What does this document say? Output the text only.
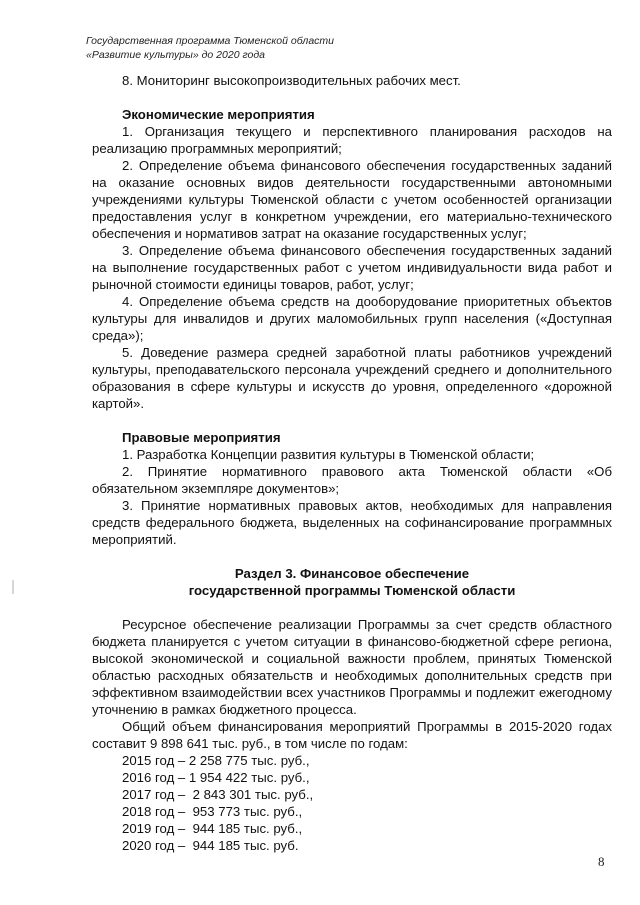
Государственная программа Тюменской области
«Развитие культуры» до 2020 года

8. Мониторинг высокопроизводительных рабочих мест.

Экономические мероприятия

1. Организация текущего и перспективного планирования расходов на реализацию программных мероприятий;

2. Определение объема финансового обеспечения государственных заданий на оказание основных видов деятельности государственными автономными учреждениями культуры Тюменской области с учетом особенностей организации предоставления услуг в конкретном учреждении, его материально-технического обеспечения и нормативов затрат на оказание государственных услуг;

3. Определение объема финансового обеспечения государственных заданий на выполнение государственных работ с учетом индивидуальности вида работ и рыночной стоимости единицы товаров, работ, услуг;

4. Определение объема средств на дооборудование приоритетных объектов культуры для инвалидов и других маломобильных групп населения («Доступная среда»);

5. Доведение размера средней заработной платы работников учреждений культуры, преподавательского персонала учреждений среднего и дополнительного образования в сфере культуры и искусств до уровня, определенного «дорожной картой».

Правовые мероприятия

1. Разработка Концепции развития культуры в Тюменской области;

2. Принятие нормативного правового акта Тюменской области «Об обязательном экземпляре документов»;

3. Принятие нормативных правовых актов, необходимых для направления средств федерального бюджета, выделенных на софинансирование программных мероприятий.

Раздел 3. Финансовое обеспечение

государственной программы Тюменской области

Ресурсное обеспечение реализации Программы за счет средств областного бюджета планируется с учетом ситуации в финансово-бюджетной сфере региона, высокой экономической и социальной важности проблем, принятых Тюменской областью расходных обязательств и необходимых дополнительных средств при эффективном взаимодействии всех участников Программы и подлежит ежегодному уточнению в рамках бюджетного процесса.

Общий объем финансирования мероприятий Программы в 2015-2020 годах составит 9 898 641 тыс. руб., в том числе по годам:

2015 год – 2 258 775 тыс. руб.,
2016 год – 1 954 422 тыс. руб.,
2017 год –  2 843 301 тыс. руб.,
2018 год –  953 773 тыс. руб.,
2019 год –  944 185 тыс. руб.,
2020 год –  944 185 тыс. руб.
8
